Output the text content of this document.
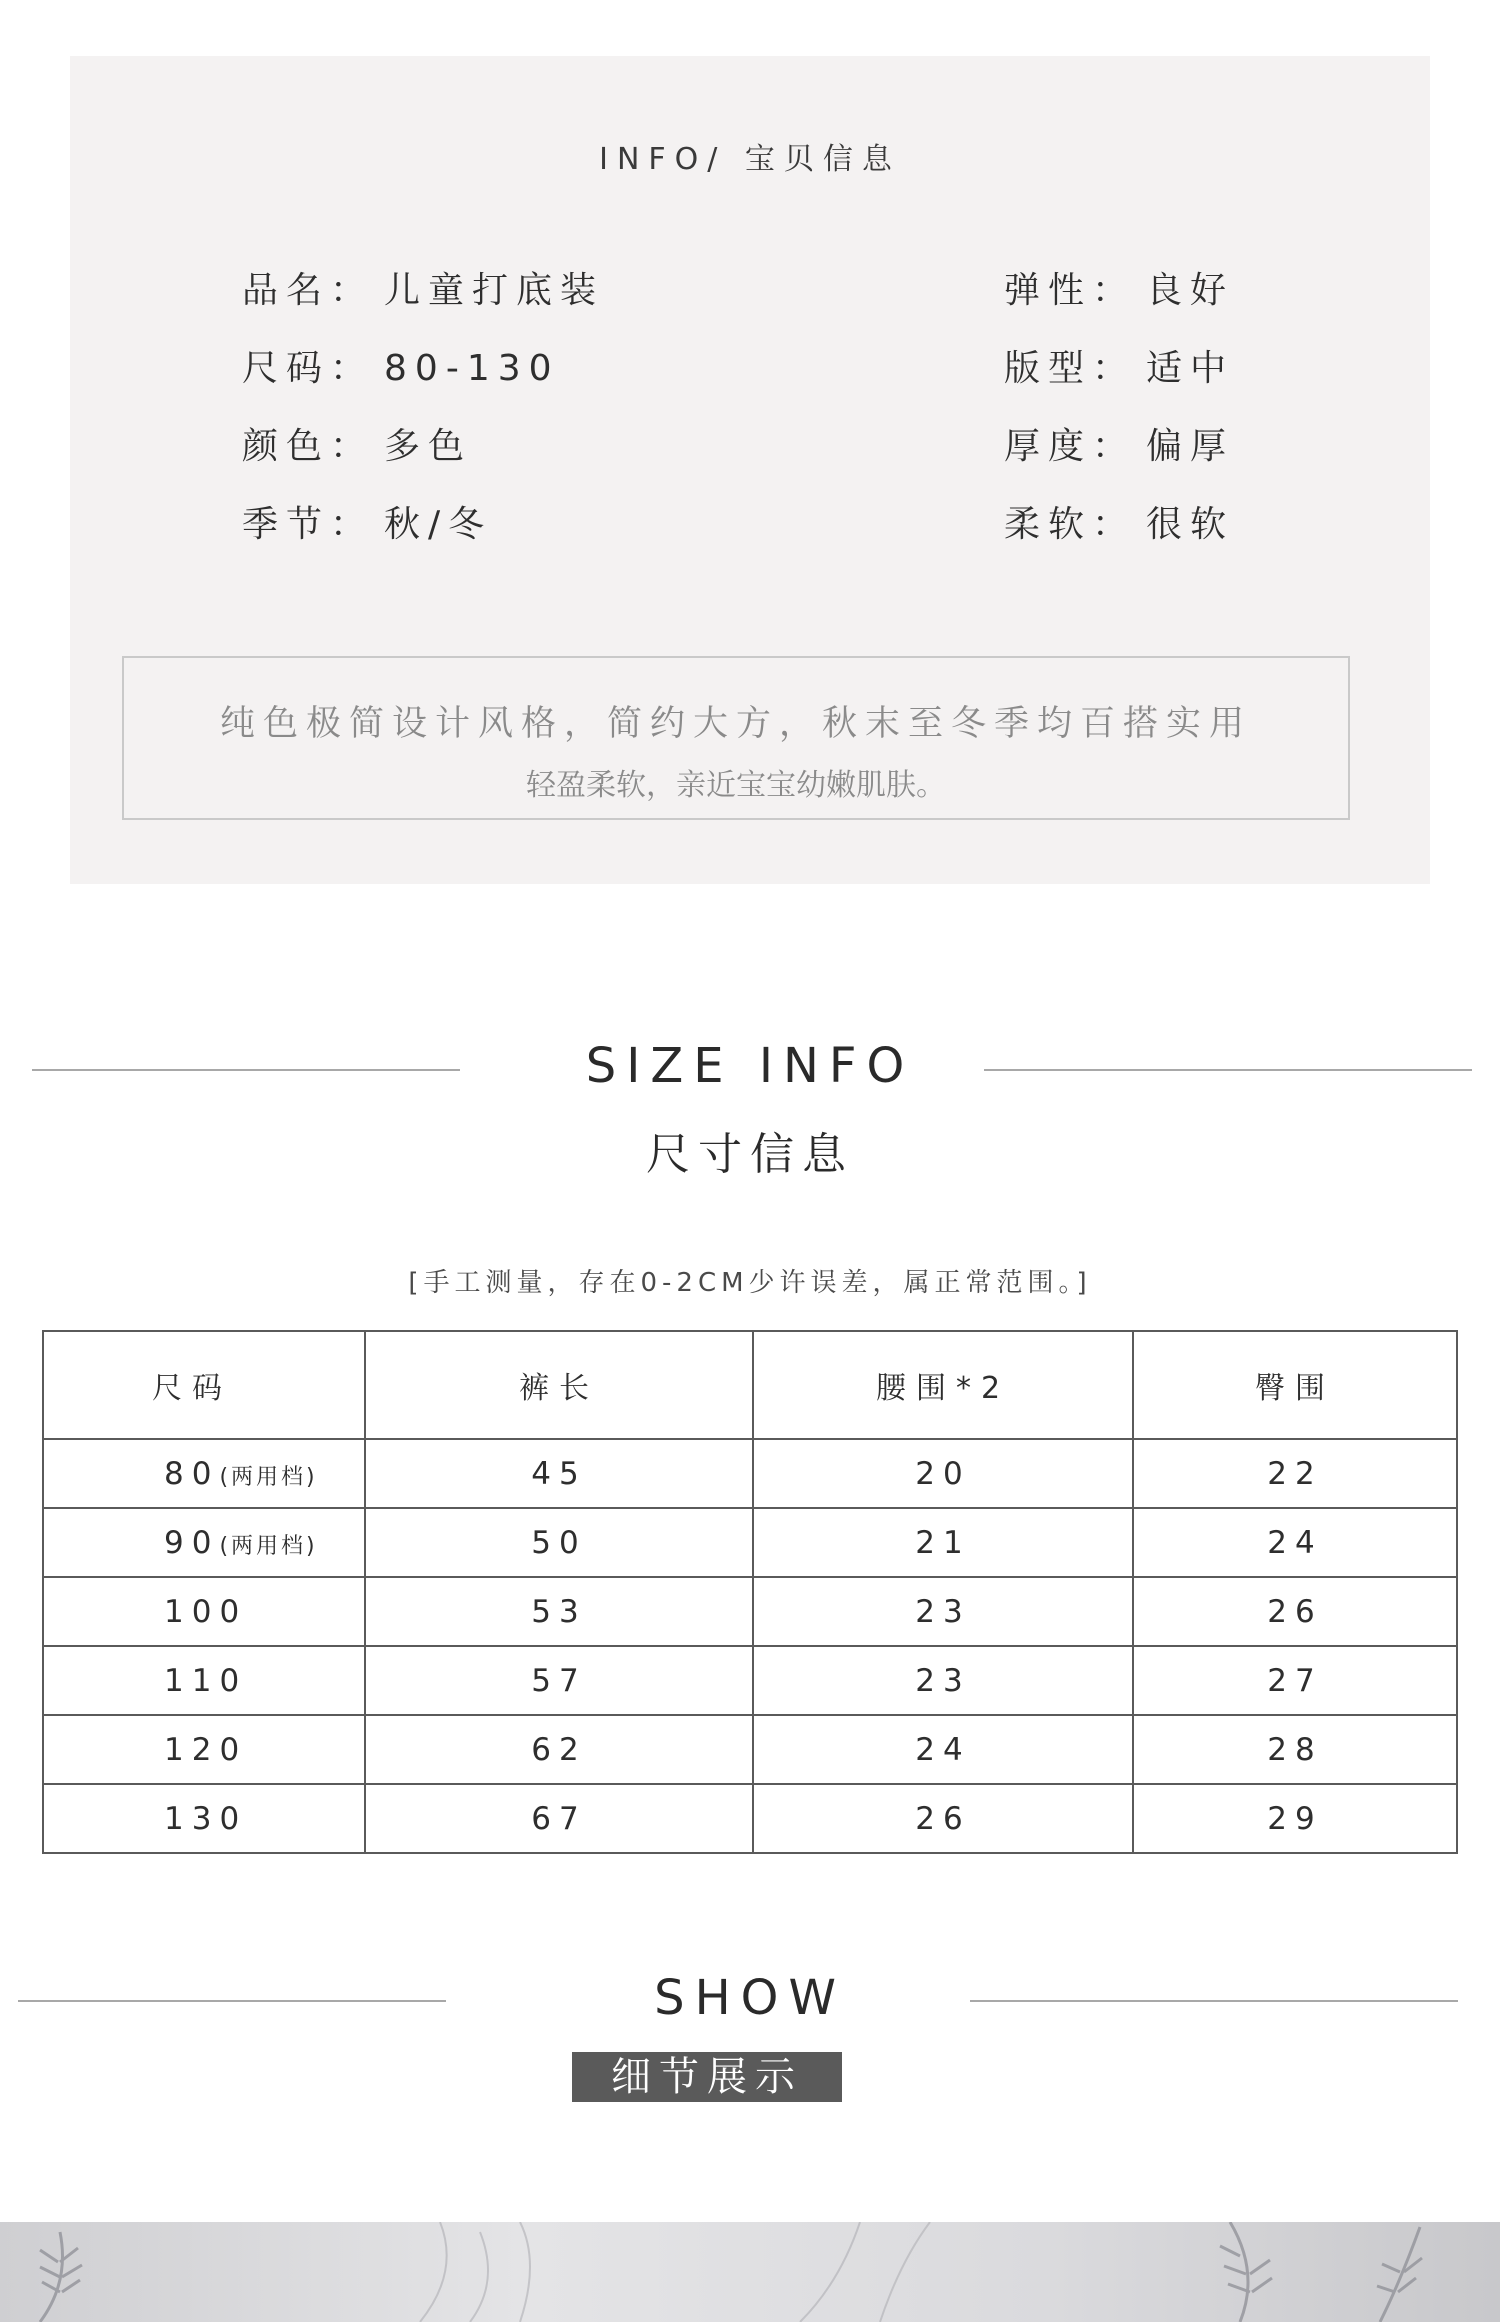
INFO/ 宝贝信息
品名： 儿童打底装
尺码： 80-130
颜色： 多色
季节： 秋/冬
弹性： 良好
版型： 适中
厚度： 偏厚
柔软： 很软
纯色极简设计风格，简约大方，秋末至冬季均百搭实用
轻盈柔软，亲近宝宝幼嫩肌肤。
SIZE INFO
尺寸信息
[手工测量，存在0-2CM少许误差，属正常范围。]
尺码	裤长	腰围*2	臀围
80(两用档)	45	20	22
90(两用档)	50	21	24
100	53	23	26
110	57	23	27
120	62	24	28
130	67	26	29
SHOW
细节展示
